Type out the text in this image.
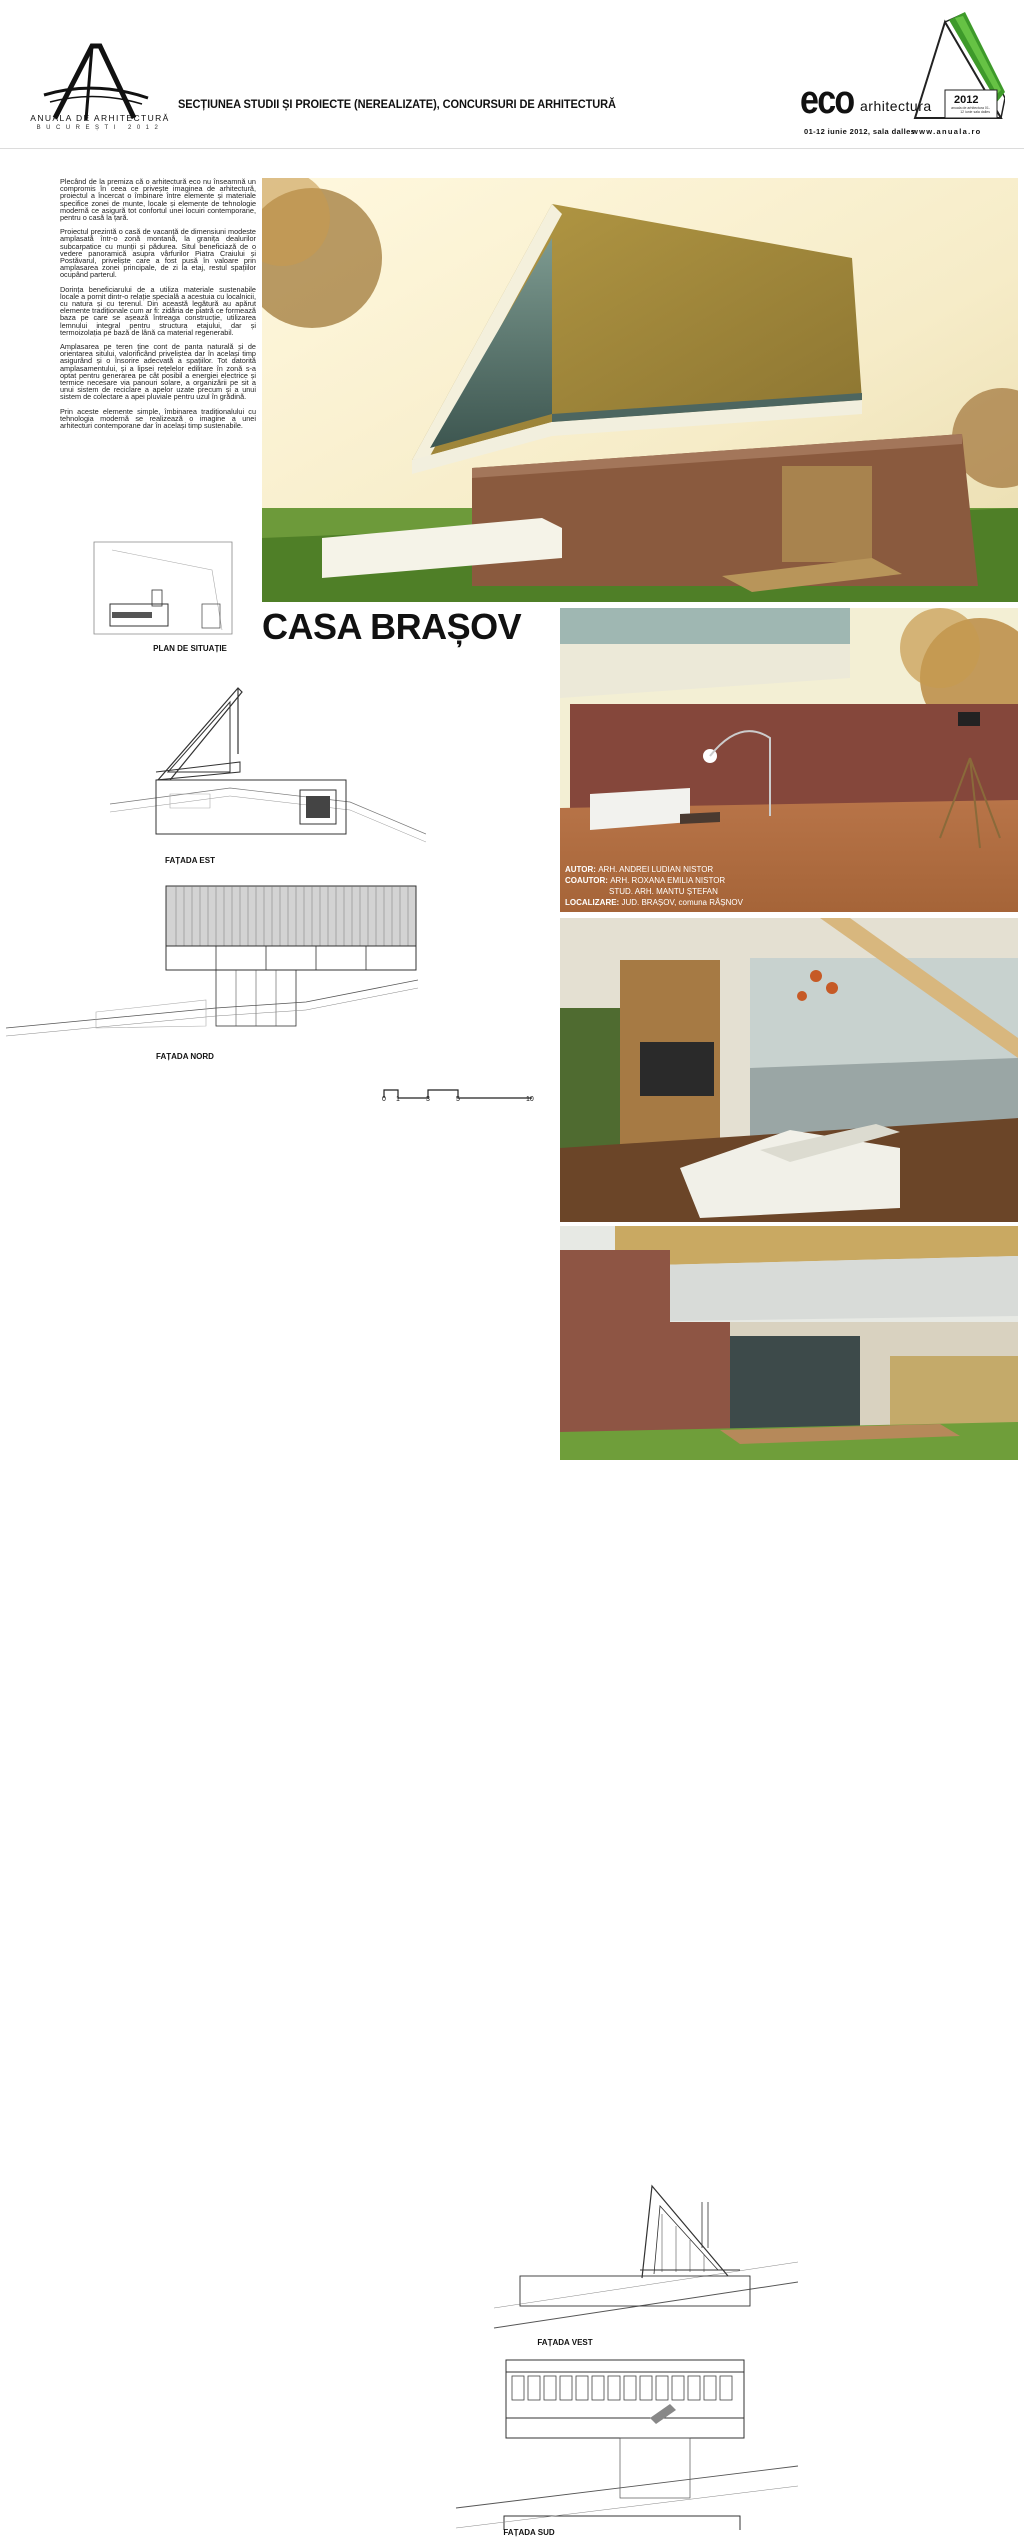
ANUALA DE ARHITECTURĂ
BUCUREȘTI 2012
SECȚIUNEA STUDII ȘI PROIECTE (NEREALIZATE), CONCURSURI DE ARHITECTURĂ	eco arhitectura 2012
anuala de arhitectura 01-12 iunie sala dalles
01-12 iunie 2012, sala dalles
www.anuala.ro

Plecând de la premiza că o arhitectură eco nu înseamnă un compromis în ceea ce privește imaginea de arhitectură, proiectul a încercat o îmbinare între elemente și materiale specifice zonei de munte, locale și elemente de tehnologie modernă ce asigură tot confortul unei locuiri contemporane, pentru o casă la țară.

Proiectul prezintă o casă de vacanță de dimensiuni modeste amplasată într-o zonă montană, la granița dealurilor subcarpatice cu munții și pădurea. Situl beneficiază de o vedere panoramică asupra vârfurilor Piatra Craiului și Postăvarul, priveliște care a fost pusă în valoare prin amplasarea zonei principale, de zi la etaj, restul spațiilor ocupând parterul.

Dorința beneficiarului de a utiliza materiale sustenabile locale a pornit dintr-o relație specială a acestuia cu localnicii, cu natura și cu terenul. Din această legătură au apărut elemente tradiționale cum ar fi: zidăria de piatră ce formează baza pe care se așează întreaga construcție, utilizarea lemnului integral pentru structura etajului, dar și termoizolația pe bază de lână ca material regenerabil.

Amplasarea pe teren ține cont de panta naturală și de orientarea sitului, valorificând priveliștea dar în același timp asigurând și o însorire adecvată a spațiilor. Tot datorită amplasamentului, și a lipsei rețelelor edilitare în zonă s-a optat pentru generarea pe cât posibil a energiei electrice și termice necesare via panouri solare, a organizării pe sit a unui sistem de reciclare a apelor uzate precum și a unui sistem de colectare a apei pluviale pentru uzul în grădină.

Prin aceste elemente simple, îmbinarea tradiționalului cu tehnologia modernă se realizează o imagine a unei arhitecturi contemporane dar în același timp sustenabile.

PLAN DE SITUAȚIE
CASA BRAȘOV
AUTOR: ARH. ANDREI LUDIAN NISTOR
COAUTOR: ARH. ROXANA EMILIA NISTOR
STUD. ARH. MANTU ȘTEFAN
LOCALIZARE: JUD. BRAȘOV, comuna RÂȘNOV
FAȚADA EST
FAȚADA NORD
0 1	3	5	10
FAȚADA VEST
FAȚADA SUD
